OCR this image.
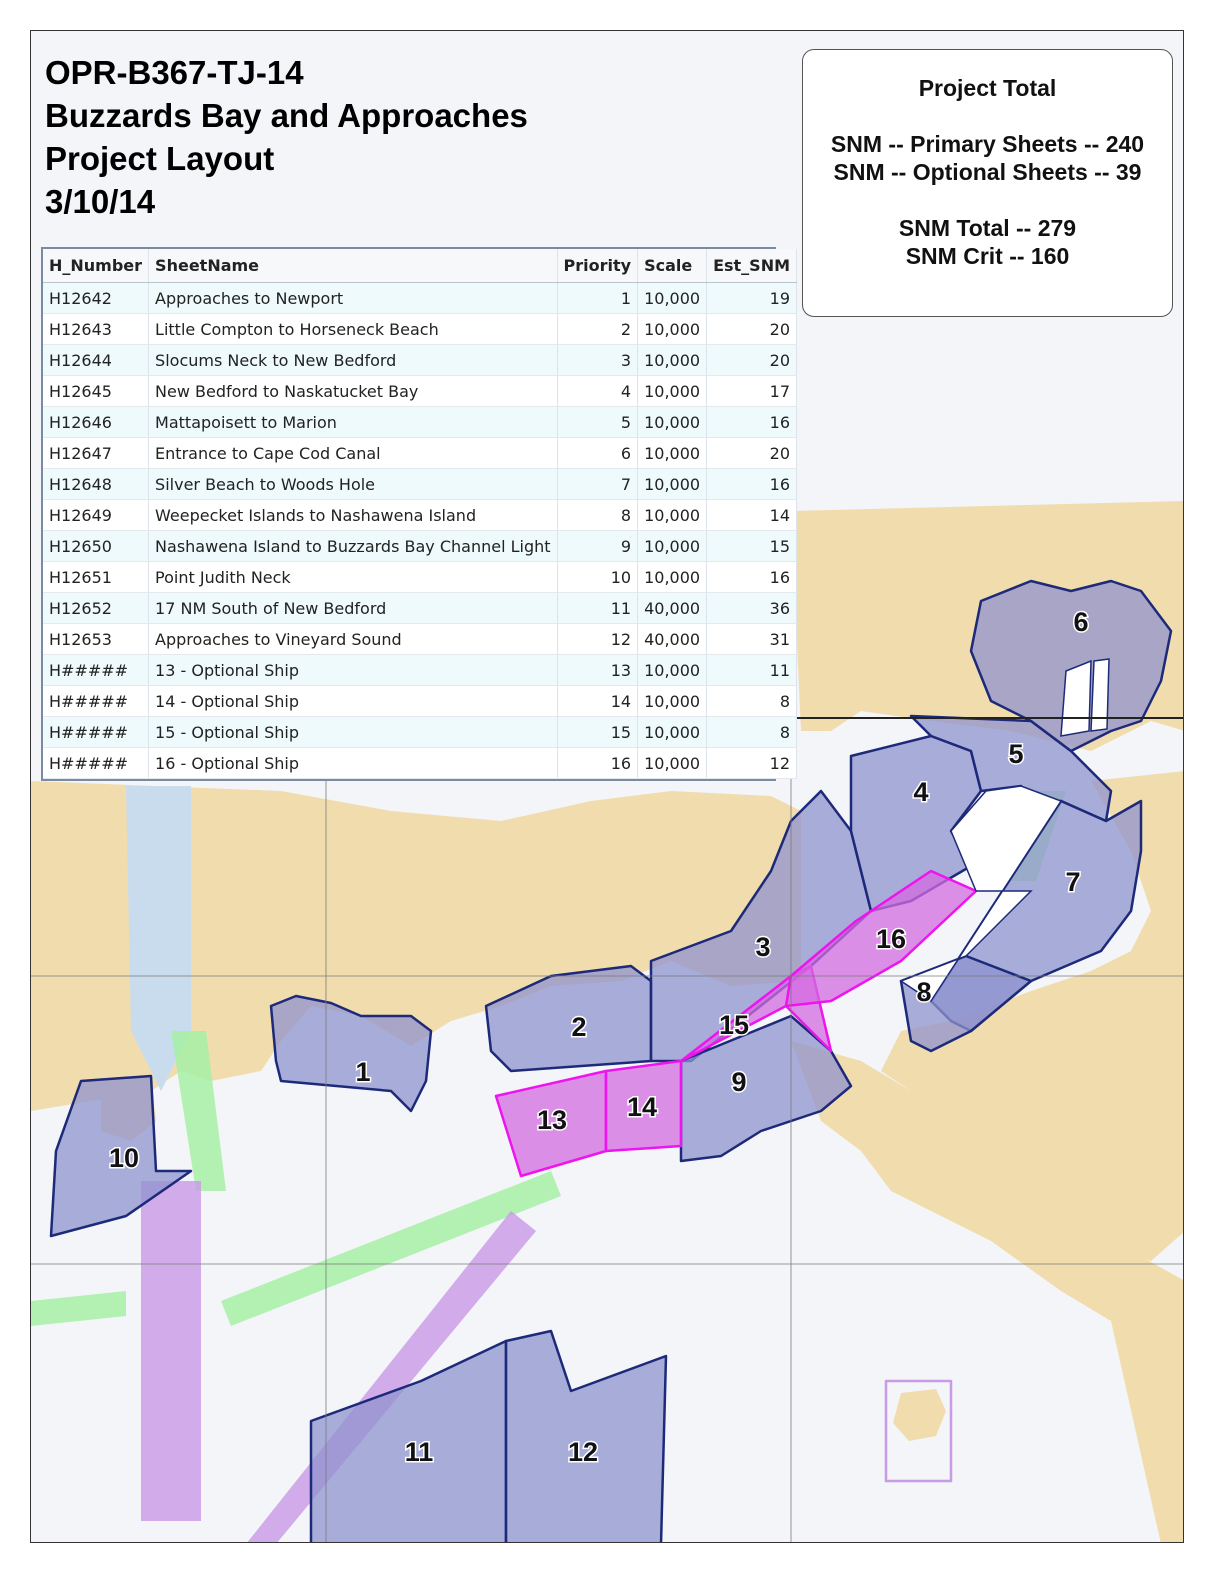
1
2
3
4
5
6
7
8
9
10
11	12
13 14
15
16
OPR-B367-TJ-14
Buzzards Bay and Approaches
Project Layout
3/10/14
Project Total
SNM -- Primary Sheets -- 240
SNM -- Optional Sheets -- 39
SNM Total -- 279
SNM Crit -- 160
H_Number	SheetName	Priority	Scale	Est_SNM
H12642	Approaches to Newport	1	10,000	19
H12643	Little Compton to Horseneck Beach	2	10,000	20
H12644	Slocums Neck to New Bedford	3	10,000	20
H12645	New Bedford to Naskatucket Bay	4	10,000	17
H12646	Mattapoisett to Marion	5	10,000	16
H12647	Entrance to Cape Cod Canal	6	10,000	20
H12648	Silver Beach to Woods Hole	7	10,000	16
H12649	Weepecket Islands to Nashawena Island	8	10,000	14
H12650	Nashawena Island to Buzzards Bay Channel Light	9	10,000	15
H12651	Point Judith Neck	10	10,000	16
H12652	17 NM South of New Bedford	11	40,000	36
H12653	Approaches to Vineyard Sound	12	40,000	31
H#####	13 - Optional Ship	13	10,000	11
H#####	14 - Optional Ship	14	10,000	8
H#####	15 - Optional Ship	15	10,000	8
H#####	16 - Optional Ship	16	10,000	12
